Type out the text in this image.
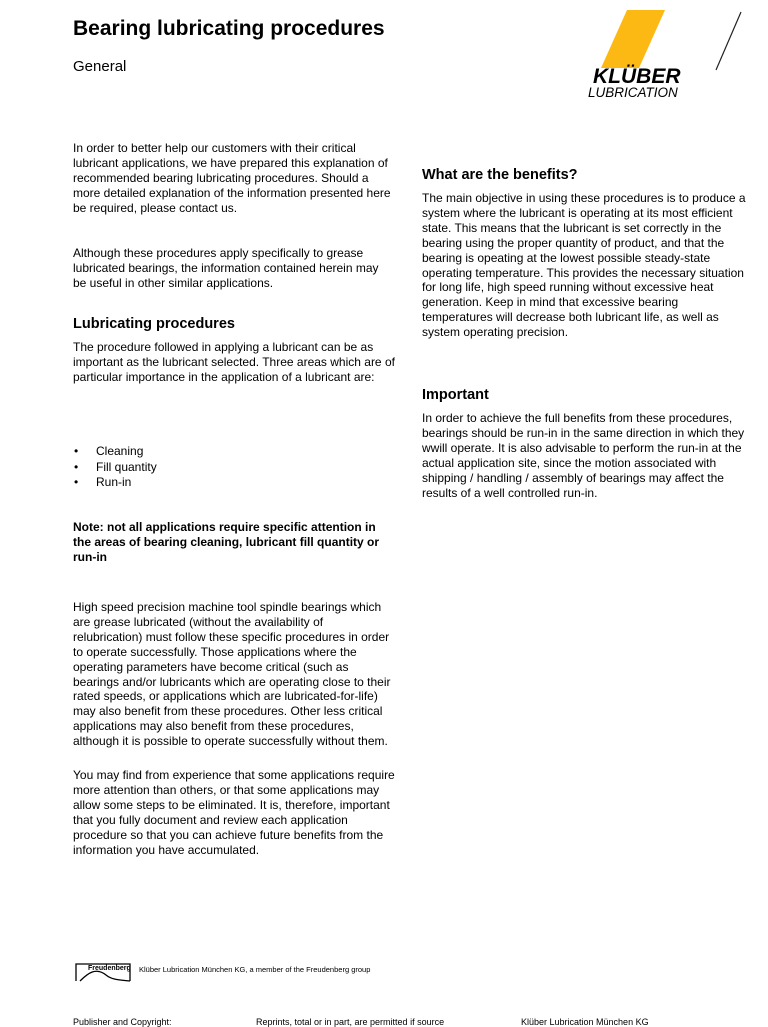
Bearing lubricating procedures
General	KLÜBER
LUBRICATION

In order to better help our customers with their critical lubricant applications, we have prepared this explanation of recommended bearing lubricating procedures. Should a more detailed explanation of the information presented here be required, please contact us.

Although these procedures apply specifically to grease lubricated bearings, the information contained herein may be useful in other similar applications.

Lubricating procedures

The procedure followed in applying a lubricant can be as important as the lubricant selected. Three areas which are of particular importance in the application of a lubricant are:

• Cleaning
• Fill quantity
• Run-in

Note: not all applications require specific attention in the areas of bearing cleaning, lubricant fill quantity or run-in

High speed precision machine tool spindle bearings which are grease lubricated (without the availability of relubrication) must follow these specific procedures in order to operate successfully. Those applications where the operating parameters have become critical (such as bearings and/or lubricants which are operating close to their rated speeds, or applications which are lubricated-for-life) may also benefit from these procedures. Other less critical applications may also benefit from these procedures, although it is possible to operate successfully without them.

You may find from experience that some applications require more attention than others, or that some applications may allow some steps to be eliminated. It is, therefore, important that you fully document and review each application procedure so that you can achieve future benefits from the information you have accumulated.

What are the benefits?

The main objective in using these procedures is to produce a system where the lubricant is operating at its most efficient state. This means that the lubricant is set correctly in the bearing using the proper quantity of product, and that the bearing is opeating at the lowest possible steady-state operating temperature. This provides the necessary situation for long life, high speed running without excessive heat generation. Keep in mind that excessive bearing temperatures will decrease both lubricant life, as well as system operating precision.

Important

In order to achieve the full benefits from these procedures, bearings should be run-in in the same direction in which they wwill operate. It is also advisable to perform the run-in at the actual application site, since the motion associated with shipping / handling / assembly of bearings may affect the results of a well controlled run-in.

Freudenberg Klüber Lubrication München KG, a member of the Freudenberg group
Publisher and Copyright:	Reprints, total or in part, are permitted if source	Klüber Lubrication München KG
